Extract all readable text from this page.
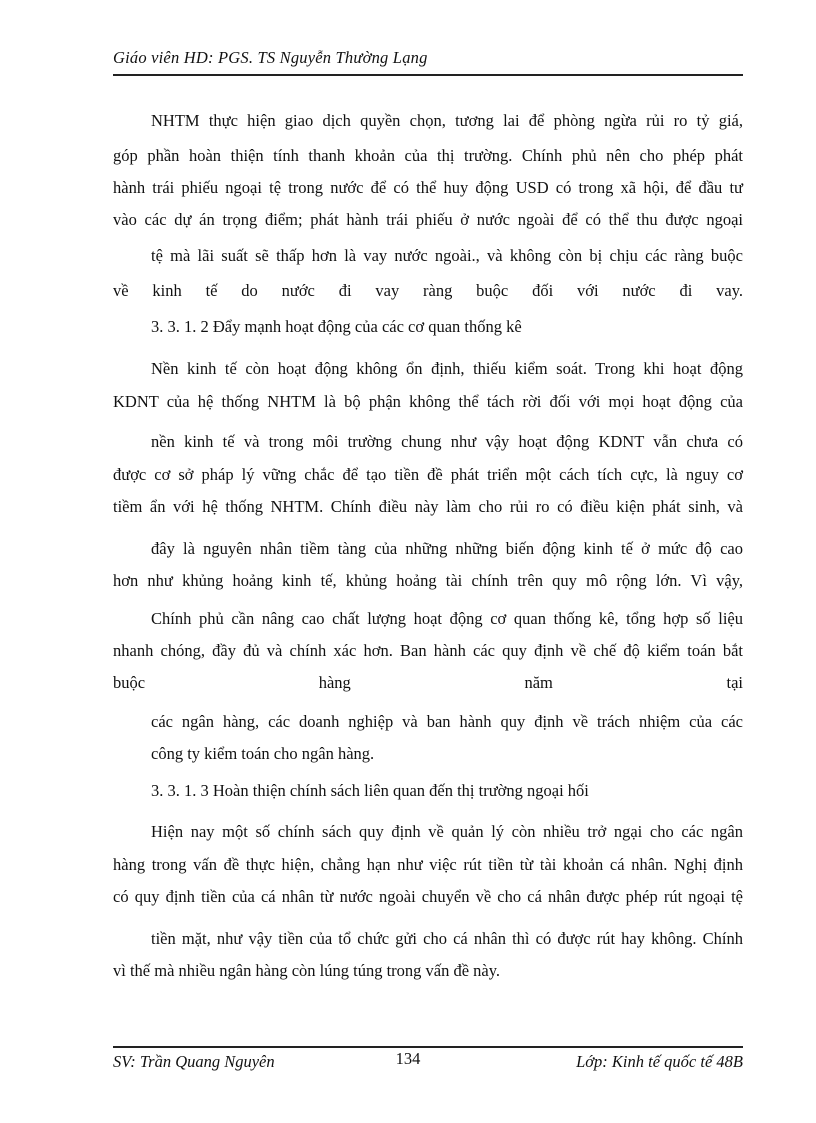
Giáo viên HD: PGS. TS Nguyễn Thường Lạng
NHTM thực hiện giao dịch quyền chọn, tương lai để phòng ngừa rủi ro tỷ giá,
góp phần hoàn thiện tính thanh khoản của thị trường. Chính phủ nên cho phép phát
hành trái phiếu ngoại tệ trong nước để có thể huy động USD có trong xã hội, để đầu tư
vào các dự án trọng điểm; phát hành trái phiếu ở nước ngoài để có thể thu được ngoại
tệ mà lãi suất sẽ thấp hơn là vay nước ngoài., và không còn bị chịu các ràng buộc
về kinh tế do nước đi vay ràng buộc đối với nước đi vay.
3. 3. 1. 2 Đẩy mạnh hoạt động của các cơ quan thống kê
Nền kinh tế còn hoạt động không ổn định, thiếu kiểm soát. Trong khi hoạt động
KDNT của hệ thống NHTM là bộ phận không thể tách rời đối với mọi hoạt động của
nền kinh tế và trong môi trường chung như vậy hoạt động KDNT vẫn chưa có
được cơ sở pháp lý vững chắc để tạo tiền đề phát triển một cách tích cực, là nguy cơ
tiềm ẩn với hệ thống NHTM. Chính điều này làm cho rủi ro có điều kiện phát sinh, và
đây là nguyên nhân tiềm tàng của những những biến động kinh tế ở mức độ cao
hơn như khủng hoảng kinh tế, khủng hoảng tài chính trên quy mô rộng lớn. Vì vậy,
Chính phủ cần nâng cao chất lượng hoạt động cơ quan thống kê, tổng hợp số liệu
nhanh chóng, đầy đủ và chính xác hơn. Ban hành các quy định về chế độ kiểm toán bắt
buộc hàng năm tại
các ngân hàng, các doanh nghiệp và ban hành quy định về trách nhiệm của các
công ty kiểm toán cho ngân hàng.
3. 3. 1. 3 Hoàn thiện chính sách liên quan đến thị trường ngoại hối
Hiện nay một số chính sách quy định về quản lý còn nhiều trở ngại cho các ngân
hàng trong vấn đề thực hiện, chẳng hạn như việc rút tiền từ tài khoản cá nhân. Nghị định
có quy định tiền của cá nhân từ nước ngoài chuyển về cho cá nhân được phép rút ngoại tệ
tiền mặt, như vậy tiền của tổ chức gửi cho cá nhân thì có được rút hay không. Chính
vì thế mà nhiều ngân hàng còn lúng túng trong vấn đề này.
SV: Trần Quang Nguyên	134	Lớp: Kinh tế quốc tế 48B
